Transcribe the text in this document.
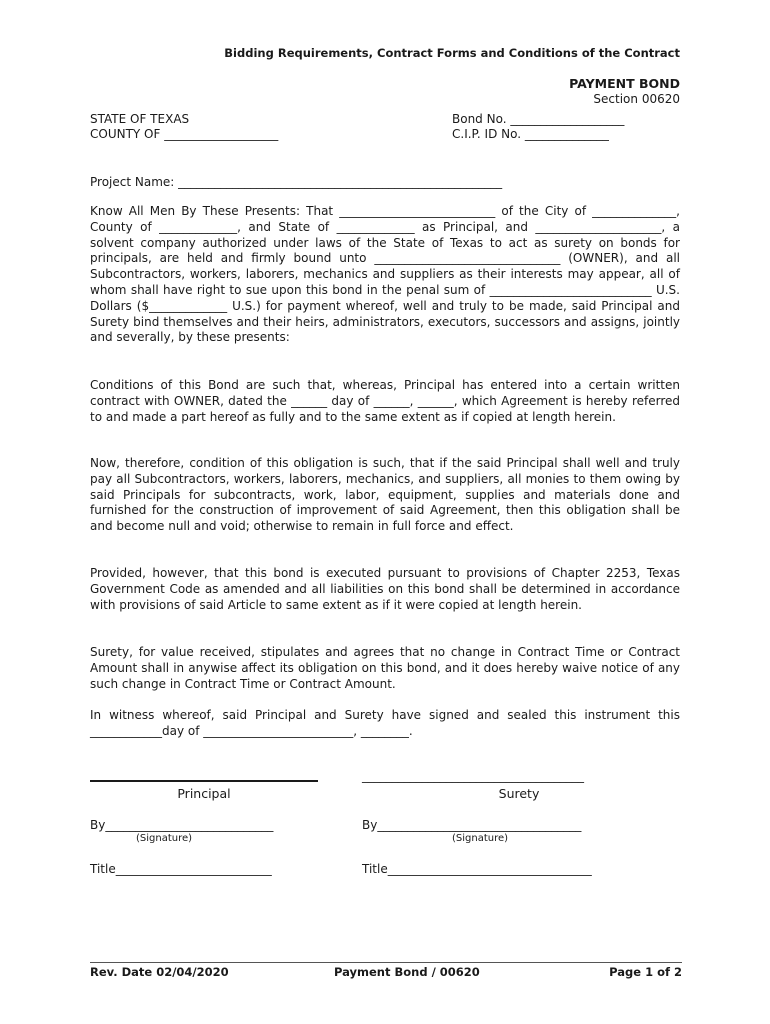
Bidding Requirements, Contract Forms and Conditions of the Contract
PAYMENT BOND
Section 00620
STATE OF TEXAS
COUNTY OF ___________________
Bond No. ___________________
C.I.P. ID No. ______________
Project Name: ______________________________________________________

Know All Men By These Presents: That __________________________ of the City of ______________, County of _____________, and State of _____________ as Principal, and _____________________, a solvent company authorized under laws of the State of Texas to act as surety on bonds for principals, are held and firmly bound unto _______________________________ (OWNER), and all Subcontractors, workers, laborers, mechanics and suppliers as their interests may appear, all of whom shall have right to sue upon this bond in the penal sum of ___________________________ U.S. Dollars ($_____________ U.S.) for payment whereof, well and truly to be made, said Principal and Surety bind themselves and their heirs, administrators, executors, successors and assigns, jointly and severally, by these presents:

Conditions of this Bond are such that, whereas, Principal has entered into a certain written contract with OWNER, dated the ______ day of ______, ______, which Agreement is hereby referred to and made a part hereof as fully and to the same extent as if copied at length herein.

Now, therefore, condition of this obligation is such, that if the said Principal shall well and truly pay all Subcontractors, workers, laborers, mechanics, and suppliers, all monies to them owing by said Principals for subcontracts, work, labor, equipment, supplies and materials done and furnished for the construction of improvement of said Agreement, then this obligation shall be and become null and void; otherwise to remain in full force and effect.

Provided, however, that this bond is executed pursuant to provisions of Chapter 2253, Texas Government Code as amended and all liabilities on this bond shall be determined in accordance with provisions of said Article to same extent as if it were copied at length herein.

Surety, for value received, stipulates and agrees that no change in Contract Time or Contract Amount shall in anywise affect its obligation on this bond, and it does hereby waive notice of any such change in Contract Time or Contract Amount.

In witness whereof, said Principal and Surety have signed and sealed this instrument this ____________day of _________________________, ________.

_____________________________________
Principal	Surety
By____________________________	By__________________________________
(Signature)	(Signature)
Title__________________________	Title__________________________________
Rev. Date 02/04/2020	Payment Bond / 00620	Page 1 of 2
